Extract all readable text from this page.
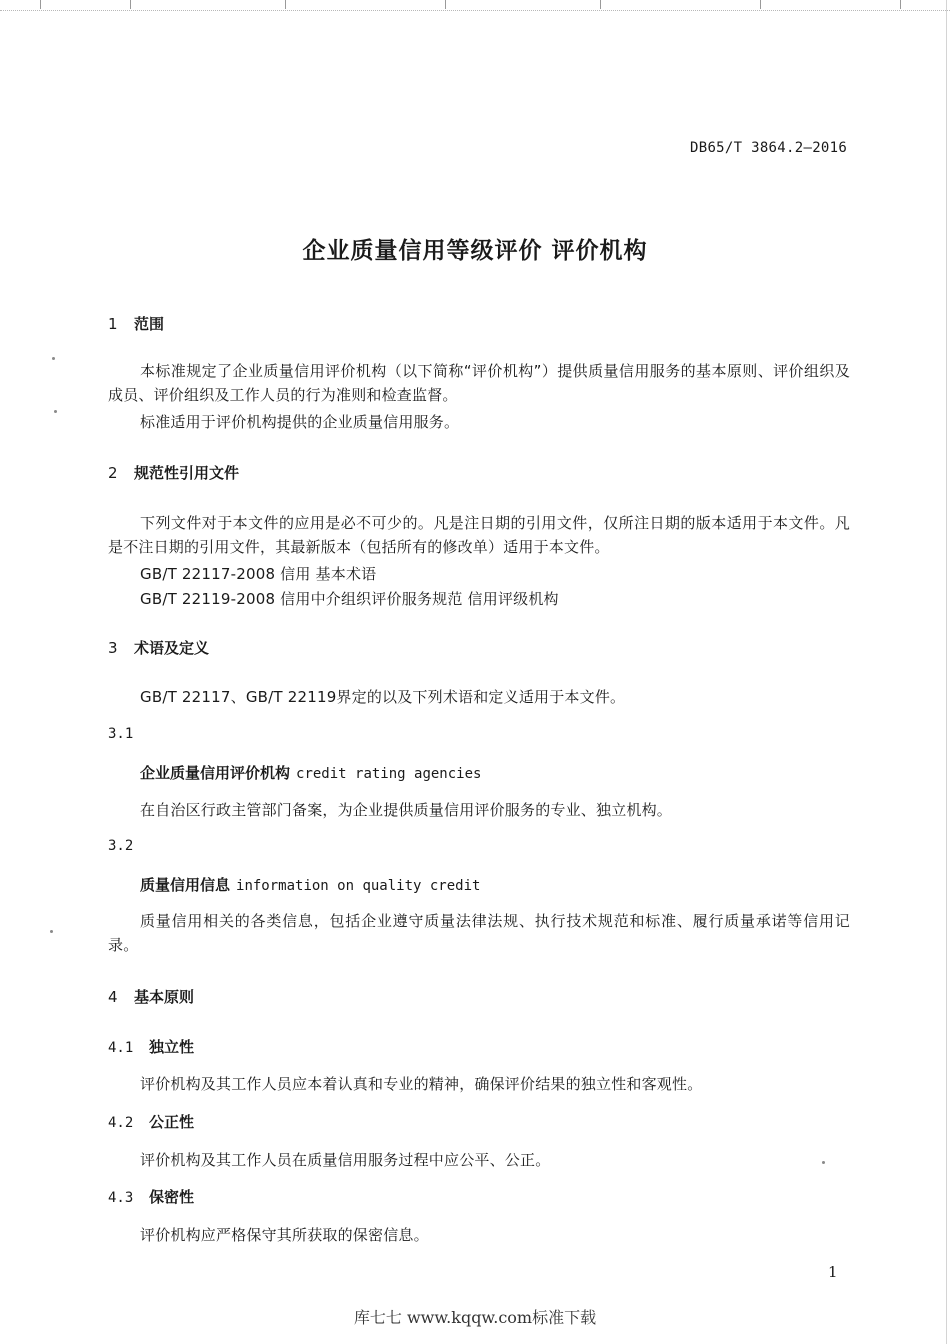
DB65/T 3864.2—2016
企业质量信用等级评价 评价机构
1 范围
本标准规定了企业质量信用评价机构（以下简称“评价机构”）提供质量信用服务的基本原则、评价组织及成员、评价组织及工作人员的行为准则和检查监督。
标准适用于评价机构提供的企业质量信用服务。
2 规范性引用文件
下列文件对于本文件的应用是必不可少的。凡是注日期的引用文件，仅所注日期的版本适用于本文件。凡是不注日期的引用文件，其最新版本（包括所有的修改单）适用于本文件。
GB/T 22117-2008 信用 基本术语
GB/T 22119-2008 信用中介组织评价服务规范 信用评级机构
3 术语及定义
GB/T 22117、GB/T 22119界定的以及下列术语和定义适用于本文件。
3.1
企业质量信用评价机构 credit rating agencies
在自治区行政主管部门备案，为企业提供质量信用评价服务的专业、独立机构。
3.2
质量信用信息 information on quality credit
质量信用相关的各类信息，包括企业遵守质量法律法规、执行技术规范和标准、履行质量承诺等信用记录。
4 基本原则
4.1 独立性
评价机构及其工作人员应本着认真和专业的精神，确保评价结果的独立性和客观性。
4.2 公正性
评价机构及其工作人员在质量信用服务过程中应公平、公正。
4.3 保密性
评价机构应严格保守其所获取的保密信息。
1
库七七 www.kqqw.com标准下载
